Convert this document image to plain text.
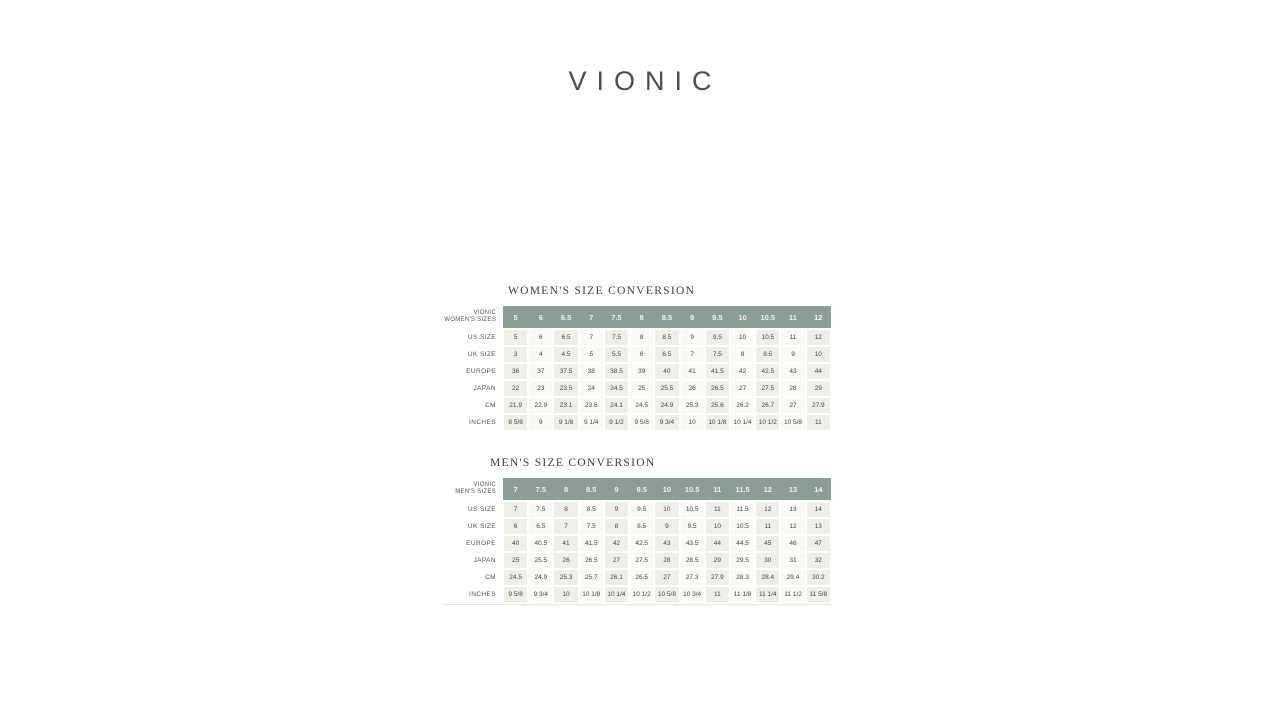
VIONIC
WOMEN'S SIZE CONVERSION
VIONIC
WOMEN'S SIZES	5	6	6.5	7	7.5	8	8.5	9	9.5	10	10.5	11	12
US SIZE	5	6	6.5	7	7.5	8	8.5	9	9.5	10	10.5	11	12
UK SIZE	3	4	4.5	5	5.5	6	6.5	7	7.5	8	8.5	9	10
EUROPE	36	37	37.5	38	38.5	39	40	41	41.5	42	42.5	43	44
JAPAN	22	23	23.5	24	24.5	25	25.5	26	26.5	27	27.5	28	29
CM	21.9	22.9	23.1	23.6	24.1	24.5	24.9	25.3	25.6	26.2	26.7	27	27.9
INCHES	8 5/8	9	9 1/8	9 1/4	9 1/2	9 5/8	9 3/4	10	10 1/8	10 1/4	10 1/2	10 5/8	11
MEN'S SIZE CONVERSION
VIONIC
MEN'S SIZES	7	7.5	8	8.5	9	9.5	10	10.5	11	11.5	12	13	14
US SIZE	7	7.5	8	8.5	9	9.5	10	10.5	11	11.5	12	13	14
UK SIZE	6	6.5	7	7.5	8	8.5	9	9.5	10	10.5	11	12	13
EUROPE	40	40.5	41	41.5	42	42.5	43	43.5	44	44.5	45	46	47
JAPAN	25	25.5	26	26.5	27	27.5	28	28.5	29	29.5	30	31	32
CM	24.5	24.9	25.3	25.7	26.1	26.5	27	27.3	27.9	28.3	28.4	29.4	30.2
INCHES	9 5/8	9 3/4	10	10 1/8	10 1/4	10 1/2	10 5/8	10 3/4	11	11 1/8	11 1/4	11 1/2	11 5/8
